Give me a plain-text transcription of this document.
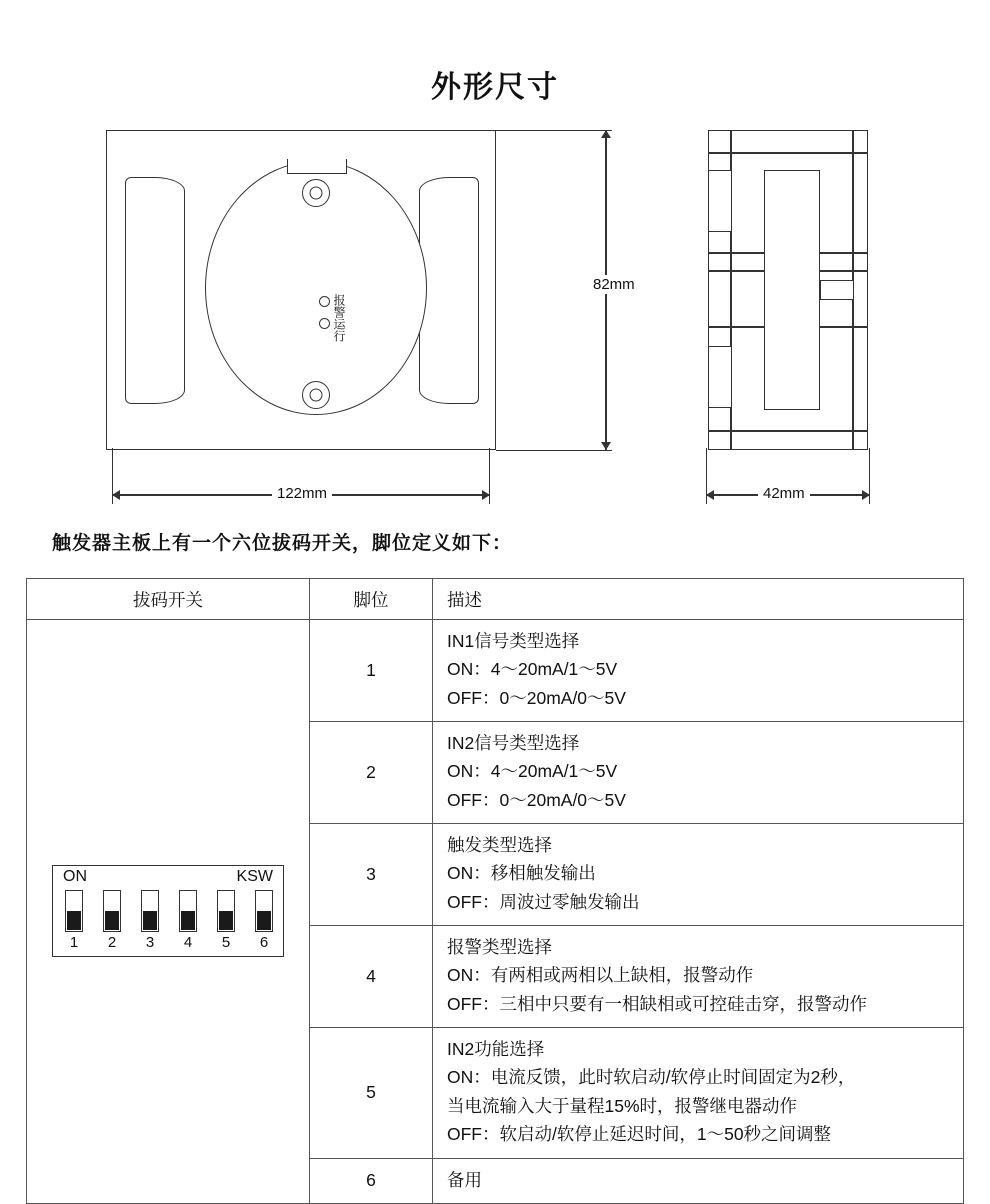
外形尺寸
报警
运行
82mm
122mm	42mm
触发器主板上有一个六位拔码开关，脚位定义如下：
拔码开关	脚位	描述

ON	KSW
1	2	3	4	5	6
	1	
IN1信号类型选择
ON：4～20mA/1～5V
OFF：0～20mA/0～5V

	2	IN2信号类型选择
ON：4～20mA/1～5V
OFF：0～20mA/0～5V

	3	触发类型选择
ON：移相触发输出
OFF：周波过零触发输出

	4	报警类型选择
ON：有两相或两相以上缺相，报警动作
OFF：三相中只要有一相缺相或可控硅击穿，报警动作

	5	IN2功能选择
ON：电流反馈，此时软启动/软停止时间固定为2秒，
当电流输入大于量程15%时，报警继电器动作
OFF：软启动/软停止延迟时间，1～50秒之间调整

	6	备用
